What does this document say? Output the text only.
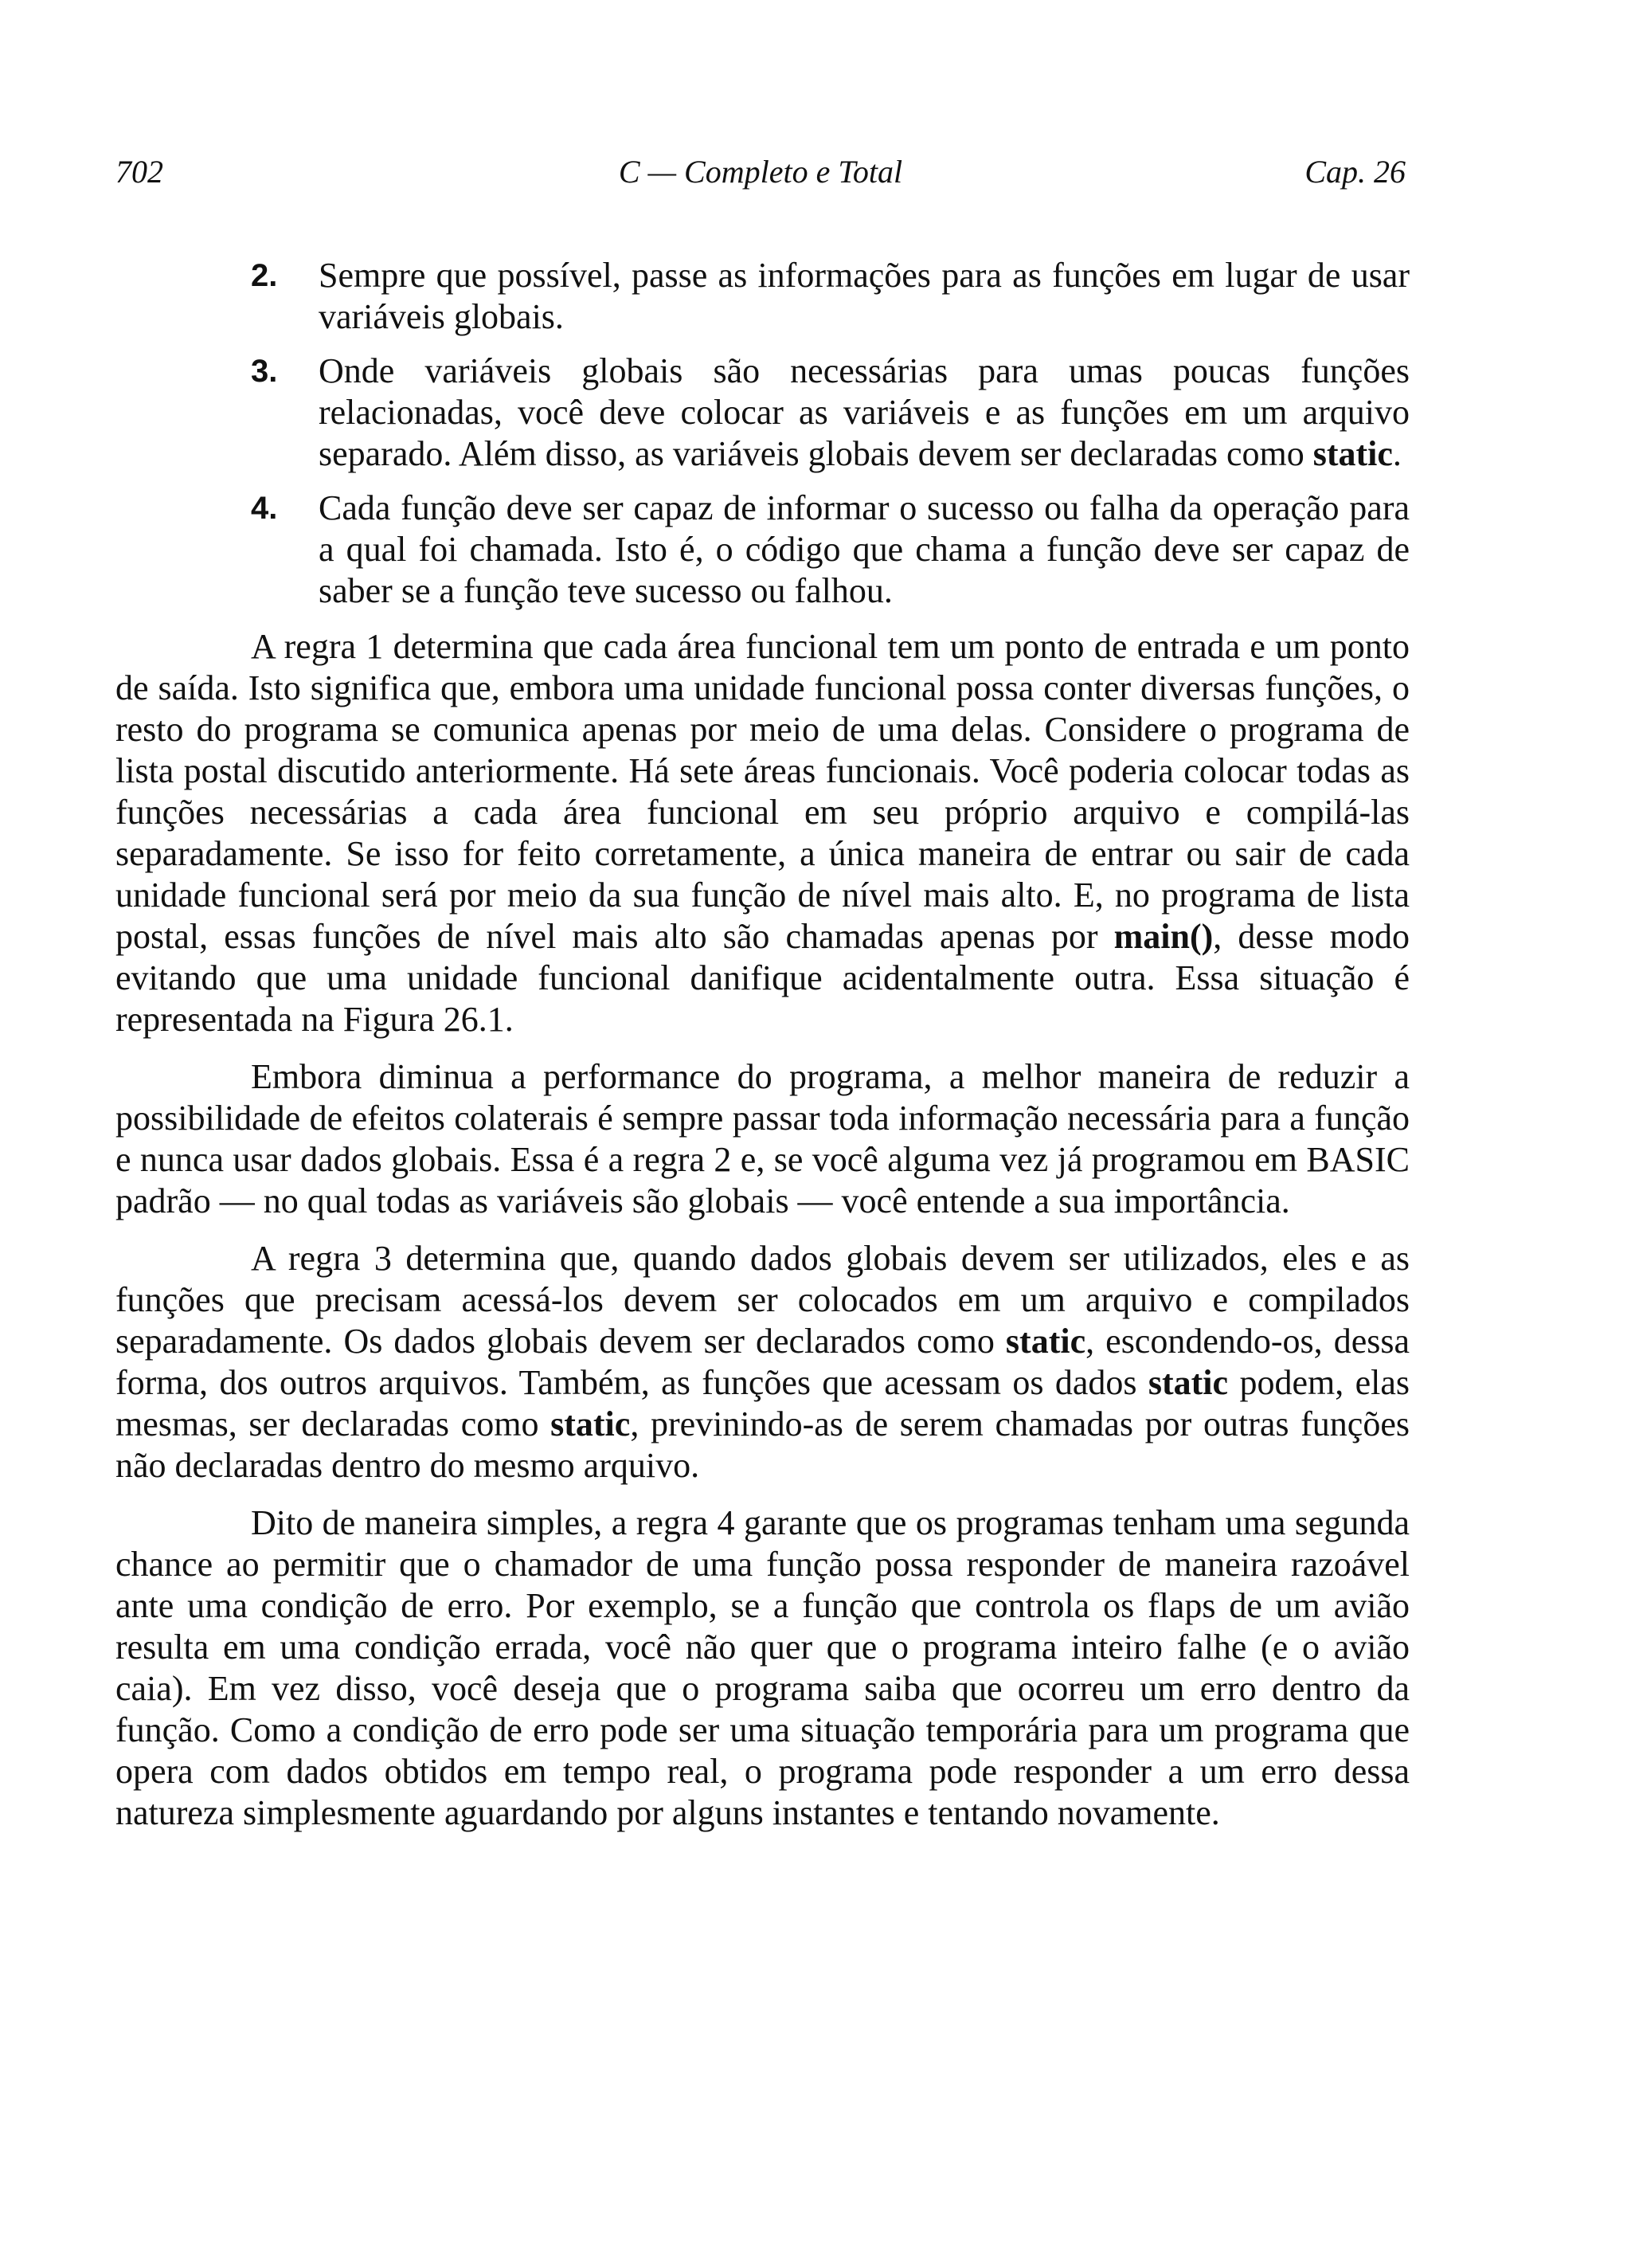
702	C — Completo e Total	Cap. 26
2. Sempre que possível, passe as informações para as funções em lugar de usar variáveis globais.
3. Onde variáveis globais são necessárias para umas poucas funções relacionadas, você deve colocar as variáveis e as funções em um arquivo separado. Além disso, as variáveis globais devem ser declaradas como static.
4. Cada função deve ser capaz de informar o sucesso ou falha da operação para a qual foi chamada. Isto é, o código que chama a função deve ser capaz de saber se a função teve sucesso ou falhou.

A regra 1 determina que cada área funcional tem um ponto de entrada e um ponto de saída. Isto significa que, embora uma unidade funcional possa conter diversas funções, o resto do programa se comunica apenas por meio de uma delas. Considere o programa de lista postal discutido anteriormente. Há sete áreas funcionais. Você poderia colocar todas as funções necessárias a cada área funcional em seu próprio arquivo e compilá-las separadamente. Se isso for feito corretamente, a única maneira de entrar ou sair de cada unidade funcional será por meio da sua função de nível mais alto. E, no programa de lista postal, essas funções de nível mais alto são chamadas apenas por main(), desse modo evitando que uma unidade funcional danifique acidentalmente outra. Essa situação é representada na Figura 26.1.

Embora diminua a performance do programa, a melhor maneira de reduzir a possibilidade de efeitos colaterais é sempre passar toda informação necessária para a função e nunca usar dados globais. Essa é a regra 2 e, se você alguma vez já programou em BASIC padrão — no qual todas as variáveis são globais — você entende a sua importância.

A regra 3 determina que, quando dados globais devem ser utilizados, eles e as funções que precisam acessá-los devem ser colocados em um arquivo e compilados separadamente. Os dados globais devem ser declarados como static, escondendo-os, dessa forma, dos outros arquivos. Também, as funções que acessam os dados static podem, elas mesmas, ser declaradas como static, previnindo-as de serem chamadas por outras funções não declaradas dentro do mesmo arquivo.

Dito de maneira simples, a regra 4 garante que os programas tenham uma segunda chance ao permitir que o chamador de uma função possa responder de maneira razoável ante uma condição de erro. Por exemplo, se a função que controla os flaps de um avião resulta em uma condição errada, você não quer que o programa inteiro falhe (e o avião caia). Em vez disso, você deseja que o programa saiba que ocorreu um erro dentro da função. Como a condição de erro pode ser uma situação temporária para um programa que opera com dados obtidos em tempo real, o programa pode responder a um erro dessa natureza simplesmente aguardando por alguns instantes e tentando novamente.
